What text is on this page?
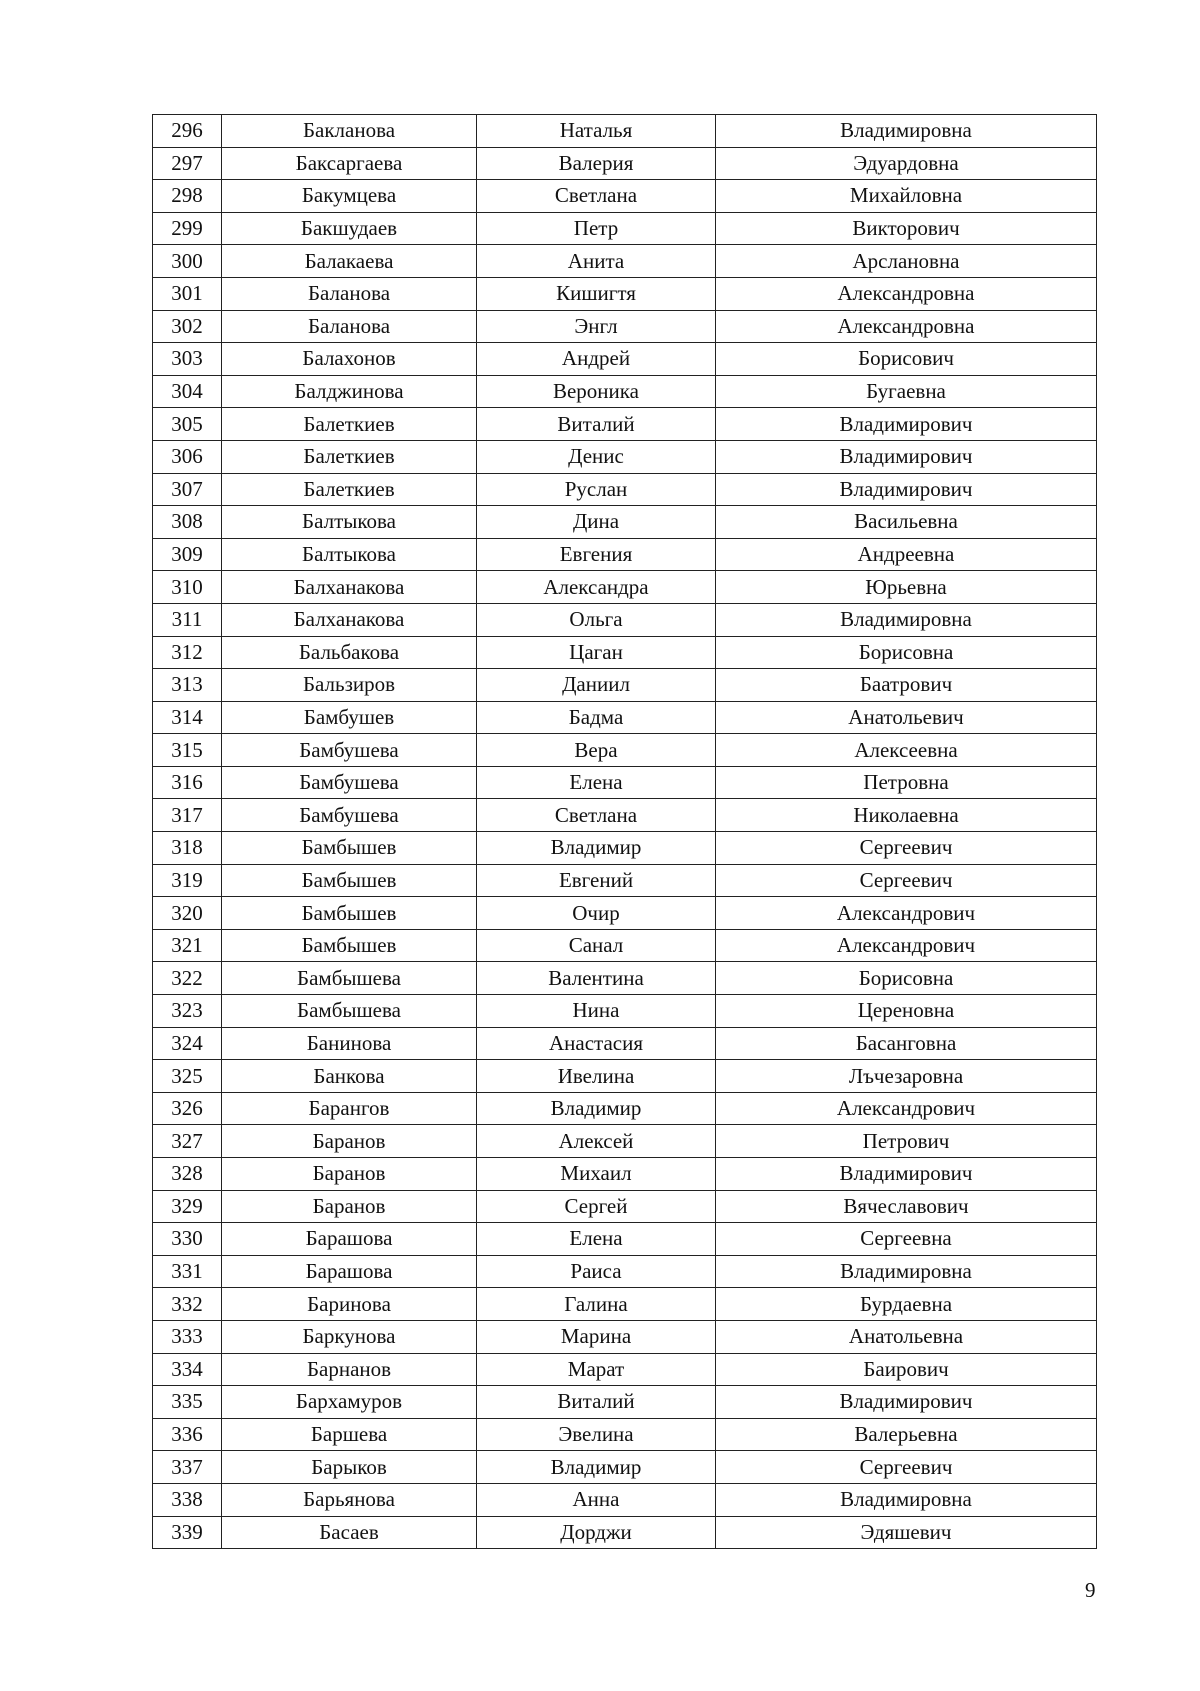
296	Бакланова	Наталья	Владимировна
297	Баксаргаева	Валерия	Эдуардовна
298	Бакумцева	Светлана	Михайловна
299	Бакшудаев	Петр	Викторович
300	Балакаева	Анита	Арслановна
301	Баланова	Кишигтя	Александровна
302	Баланова	Энгл	Александровна
303	Балахонов	Андрей	Борисович
304	Балджинова	Вероника	Бугаевна
305	Балеткиев	Виталий	Владимирович
306	Балеткиев	Денис	Владимирович
307	Балеткиев	Руслан	Владимирович
308	Балтыкова	Дина	Васильевна
309	Балтыкова	Евгения	Андреевна
310	Балханакова	Александра	Юрьевна
311	Балханакова	Ольга	Владимировна
312	Бальбакова	Цаган	Борисовна
313	Бальзиров	Даниил	Баатрович
314	Бамбушев	Бадма	Анатольевич
315	Бамбушева	Вера	Алексеевна
316	Бамбушева	Елена	Петровна
317	Бамбушева	Светлана	Николаевна
318	Бамбышев	Владимир	Сергеевич
319	Бамбышев	Евгений	Сергеевич
320	Бамбышев	Очир	Александрович
321	Бамбышев	Санал	Александрович
322	Бамбышева	Валентина	Борисовна
323	Бамбышева	Нина	Цереновна
324	Банинова	Анастасия	Басанговна
325	Банкова	Ивелина	Лъчезаровна
326	Барангов	Владимир	Александрович
327	Баранов	Алексей	Петрович
328	Баранов	Михаил	Владимирович
329	Баранов	Сергей	Вячеславович
330	Барашова	Елена	Сергеевна
331	Барашова	Раиса	Владимировна
332	Баринова	Галина	Бурдаевна
333	Баркунова	Марина	Анатольевна
334	Барнанов	Марат	Баирович
335	Бархамуров	Виталий	Владимирович
336	Баршева	Эвелина	Валерьевна
337	Барыков	Владимир	Сергеевич
338	Барьянова	Анна	Владимировна
339	Басаев	Дорджи	Эдяшевич
9
